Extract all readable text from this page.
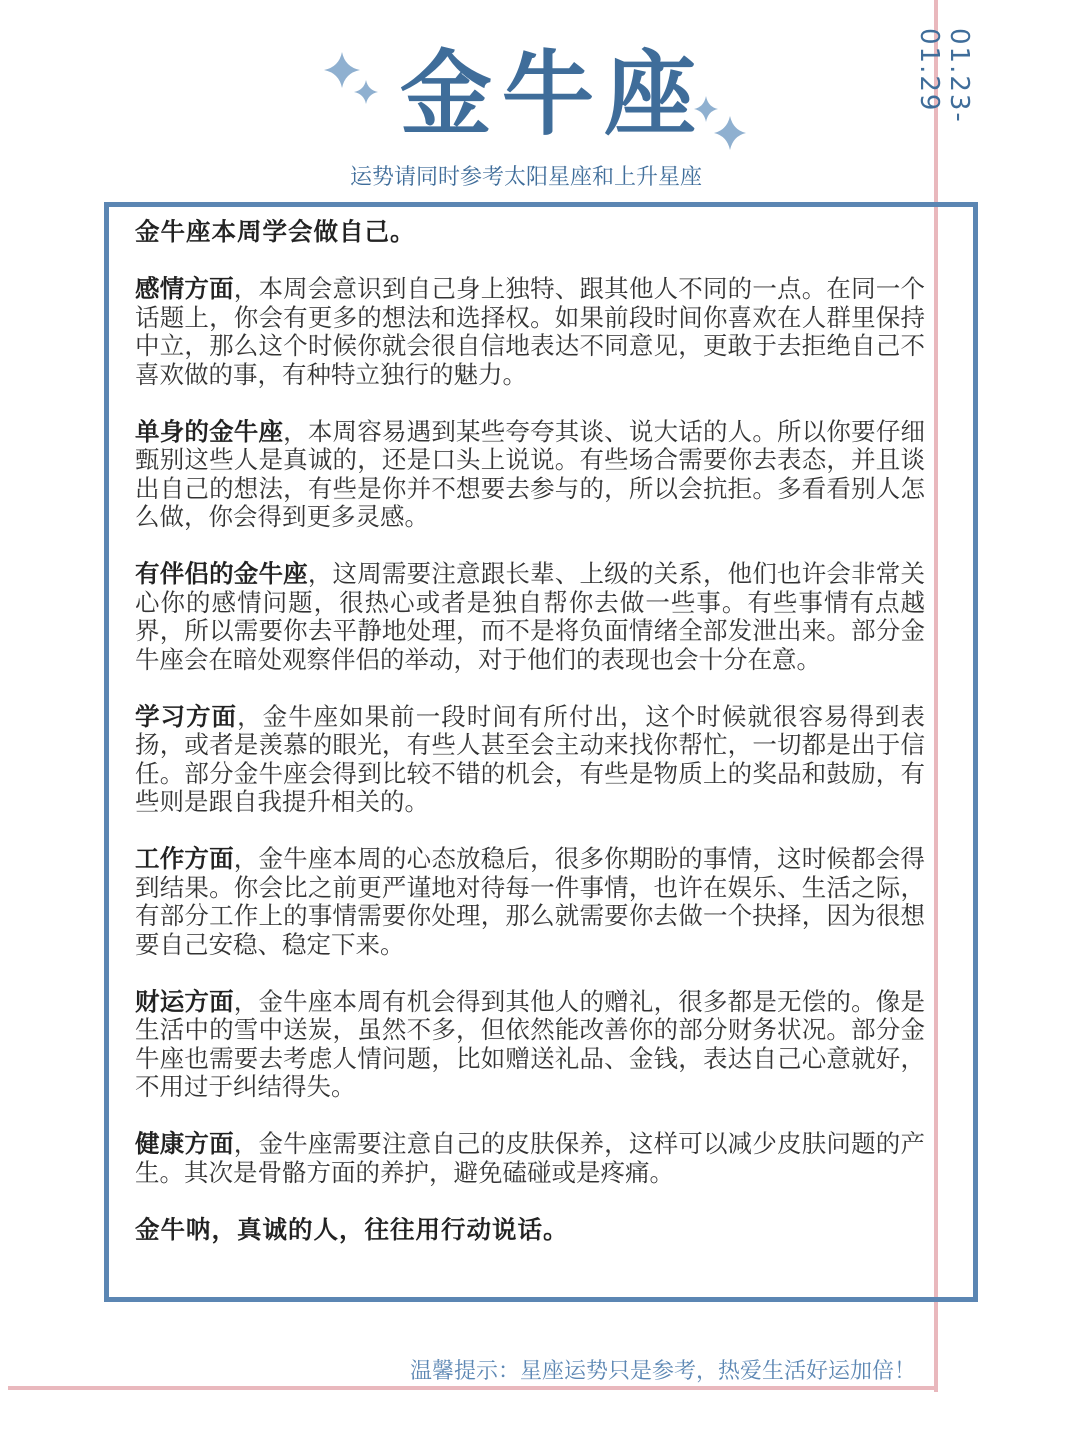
01.23-01.29
金牛座
运势请同时参考太阳星座和上升星座

金牛座本周学会做自己。

感情方面，本周会意识到自己身上独特、跟其他人不同的一点。在同一个话题上，你会有更多的想法和选择权。如果前段时间你喜欢在人群里保持中立，那么这个时候你就会很自信地表达不同意见，更敢于去拒绝自己不喜欢做的事，有种特立独行的魅力。

单身的金牛座，本周容易遇到某些夸夸其谈、说大话的人。所以你要仔细甄别这些人是真诚的，还是口头上说说。有些场合需要你去表态，并且谈出自己的想法，有些是你并不想要去参与的，所以会抗拒。多看看别人怎么做，你会得到更多灵感。

有伴侣的金牛座，这周需要注意跟长辈、上级的关系，他们也许会非常关心你的感情问题，很热心或者是独自帮你去做一些事。有些事情有点越界，所以需要你去平静地处理，而不是将负面情绪全部发泄出来。部分金牛座会在暗处观察伴侣的举动，对于他们的表现也会十分在意。

学习方面，金牛座如果前一段时间有所付出，这个时候就很容易得到表扬，或者是羡慕的眼光，有些人甚至会主动来找你帮忙，一切都是出于信任。部分金牛座会得到比较不错的机会，有些是物质上的奖品和鼓励，有些则是跟自我提升相关的。

工作方面，金牛座本周的心态放稳后，很多你期盼的事情，这时候都会得到结果。你会比之前更严谨地对待每一件事情，也许在娱乐、生活之际，有部分工作上的事情需要你处理，那么就需要你去做一个抉择，因为很想要自己安稳、稳定下来。

财运方面，金牛座本周有机会得到其他人的赠礼，很多都是无偿的。像是生活中的雪中送炭，虽然不多，但依然能改善你的部分财务状况。部分金牛座也需要去考虑人情问题，比如赠送礼品、金钱，表达自己心意就好，不用过于纠结得失。

健康方面，金牛座需要注意自己的皮肤保养，这样可以减少皮肤问题的产生。其次是骨骼方面的养护，避免磕碰或是疼痛。

金牛呐，真诚的人，往往用行动说话。

温馨提示：星座运势只是参考，热爱生活好运加倍！
